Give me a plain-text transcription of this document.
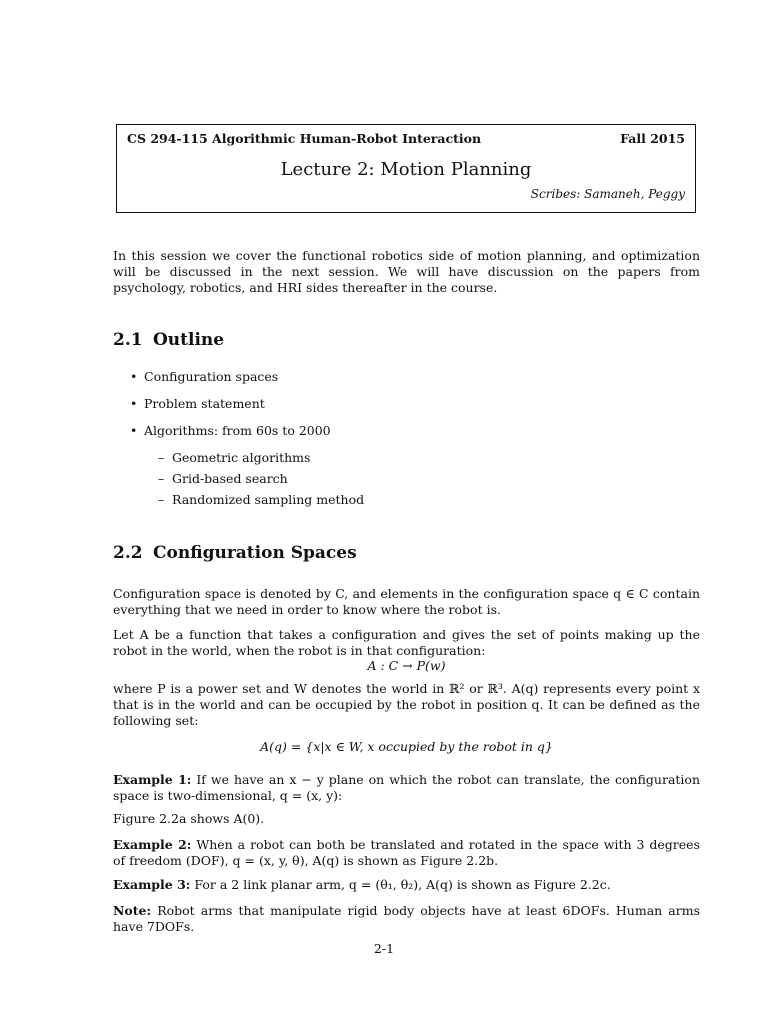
CS 294-115 Algorithmic Human-Robot Interaction	Fall 2015
Lecture 2: Motion Planning
Scribes: Samaneh, Peggy
In this session we cover the functional robotics side of motion planning, and optimization will be discussed in the next session. We will have discussion on the papers from psychology, robotics, and HRI sides thereafter in the course.
2.1 Outline
• Configuration spaces
• Problem statement
• Algorithms: from 60s to 2000
– Geometric algorithms
– Grid-based search
– Randomized sampling method
2.2 Configuration Spaces
Configuration space is denoted by C, and elements in the configuration space q ∈ C contain everything that we need in order to know where the robot is.
Let A be a function that takes a configuration and gives the set of points making up the robot in the world, when the robot is in that configuration:
A : C → P(w)
where P is a power set and W denotes the world in ℝ² or ℝ³. A(q) represents every point x that is in the world and can be occupied by the robot in position q. It can be defined as the following set:
A(q) = {x|x ∈ W, x occupied by the robot in q}
Example 1: If we have an x − y plane on which the robot can translate, the configuration space is two-dimensional, q = (x, y):
Figure 2.2a shows A(0).
Example 2: When a robot can both be translated and rotated in the space with 3 degrees of freedom (DOF), q = (x, y, θ), A(q) is shown as Figure 2.2b.
Example 3: For a 2 link planar arm, q = (θ₁, θ₂), A(q) is shown as Figure 2.2c.
Note: Robot arms that manipulate rigid body objects have at least 6DOFs. Human arms have 7DOFs.
2-1
